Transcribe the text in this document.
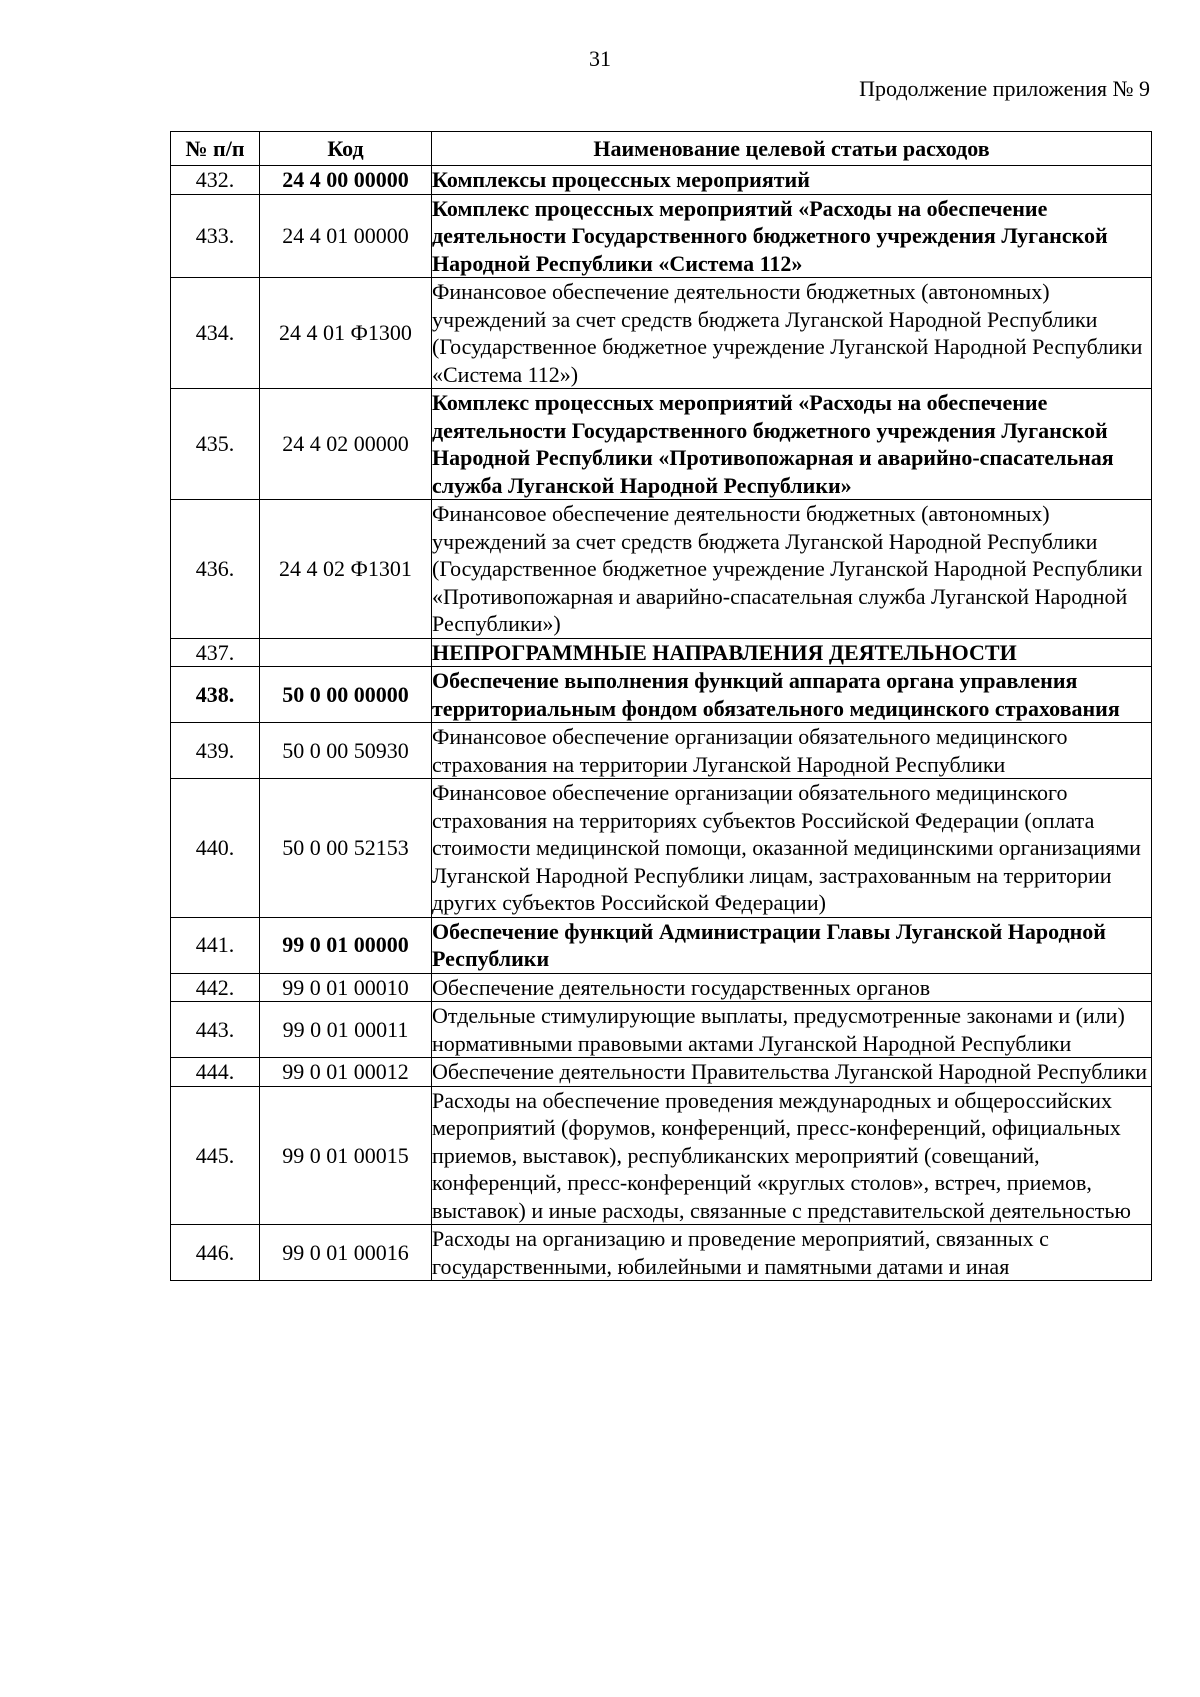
31
Продолжение приложения № 9
№ п/п	Код	Наименование целевой статьи расходов
432.	24 4 00 00000	Комплексы процессных мероприятий
433.	24 4 01 00000	Комплекс процессных мероприятий «Расходы на обеспечение деятельности Государственного бюджетного учреждения Луганской Народной Республики «Система 112»
434.	24 4 01 Ф1300	Финансовое обеспечение деятельности бюджетных (автономных) учреждений за счет средств бюджета Луганской Народной Республики (Государственное бюджетное учреждение Луганской Народной Республики «Система 112»)
435.	24 4 02 00000	Комплекс процессных мероприятий «Расходы на обеспечение деятельности Государственного бюджетного учреждения Луганской Народной Республики «Противопожарная и аварийно-спасательная служба Луганской Народной Республики»
436.	24 4 02 Ф1301	Финансовое обеспечение деятельности бюджетных (автономных) учреждений за счет средств бюджета Луганской Народной Республики (Государственное бюджетное учреждение Луганской Народной Республики «Противопожарная и аварийно-спасательная служба Луганской Народной Республики»)
437.		НЕПРОГРАММНЫЕ НАПРАВЛЕНИЯ ДЕЯТЕЛЬНОСТИ
438.	50 0 00 00000	Обеспечение выполнения функций аппарата органа управления территориальным фондом обязательного медицинского страхования
439.	50 0 00 50930	Финансовое обеспечение организации обязательного медицинского страхования на территории Луганской Народной Республики
440.	50 0 00 52153	Финансовое обеспечение организации обязательного медицинского страхования на территориях субъектов Российской Федерации (оплата стоимости медицинской помощи, оказанной медицинскими организациями Луганской Народной Республики лицам, застрахованным на территории других субъектов Российской Федерации)
441.	99 0 01 00000	Обеспечение функций Администрации Главы Луганской Народной Республики
442.	99 0 01 00010	Обеспечение деятельности государственных органов
443.	99 0 01 00011	Отдельные стимулирующие выплаты, предусмотренные законами и (или) нормативными правовыми актами Луганской Народной Республики
444.	99 0 01 00012	Обеспечение деятельности Правительства Луганской Народной Республики
445.	99 0 01 00015	Расходы на обеспечение проведения международных и общероссийских мероприятий (форумов, конференций, пресс-конференций, официальных приемов, выставок), республиканских мероприятий (совещаний, конференций, пресс-конференций «круглых столов», встреч, приемов, выставок) и иные расходы, связанные с представительской деятельностью
446.	99 0 01 00016	Расходы на организацию и проведение мероприятий, связанных с государственными, юбилейными и памятными датами и иная
